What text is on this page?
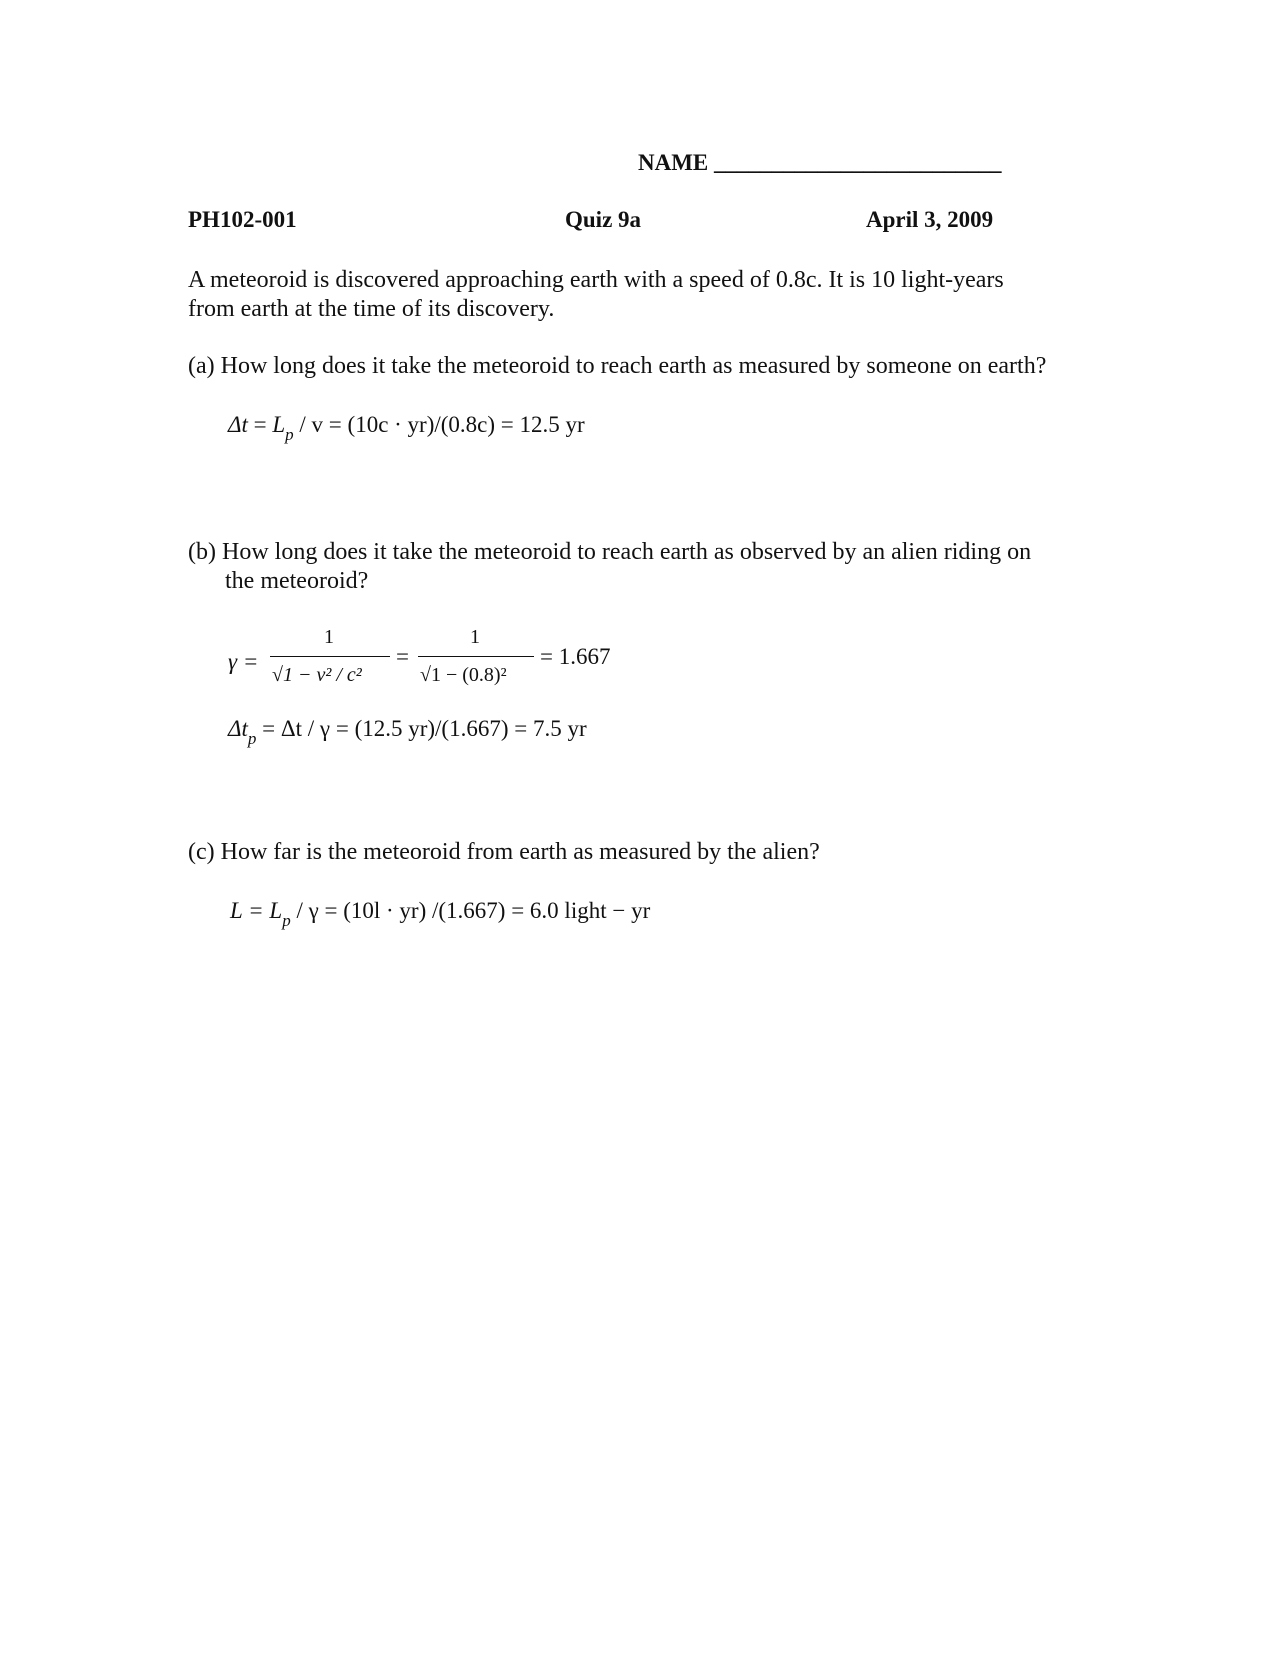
NAME _________________________
PH102-001	Quiz 9a	April 3, 2009
A meteoroid is discovered approaching earth with a speed of 0.8c. It is 10 light-years
from earth at the time of its discovery.
(a) How long does it take the meteoroid to reach earth as measured by someone on earth?
$\Delta t = L_p / v = (10c \cdot yr)/(0.8c) = 12.5$ yr
(b) How long does it take the meteoroid to reach earth as observed by an alien riding on
the meteoroid?
γ =
1
√1 − v² / c²
=
1
√1 − (0.8)²
= 1.667
$\Delta t_p = \Delta t / \gamma = (12.5$ yr)/(1.667) = 7.5 yr
(c) How far is the meteoroid from earth as measured by the alien?
$L = L_p / \gamma = (10l \cdot yr) /(1.667) = 6.0$ light − yr
